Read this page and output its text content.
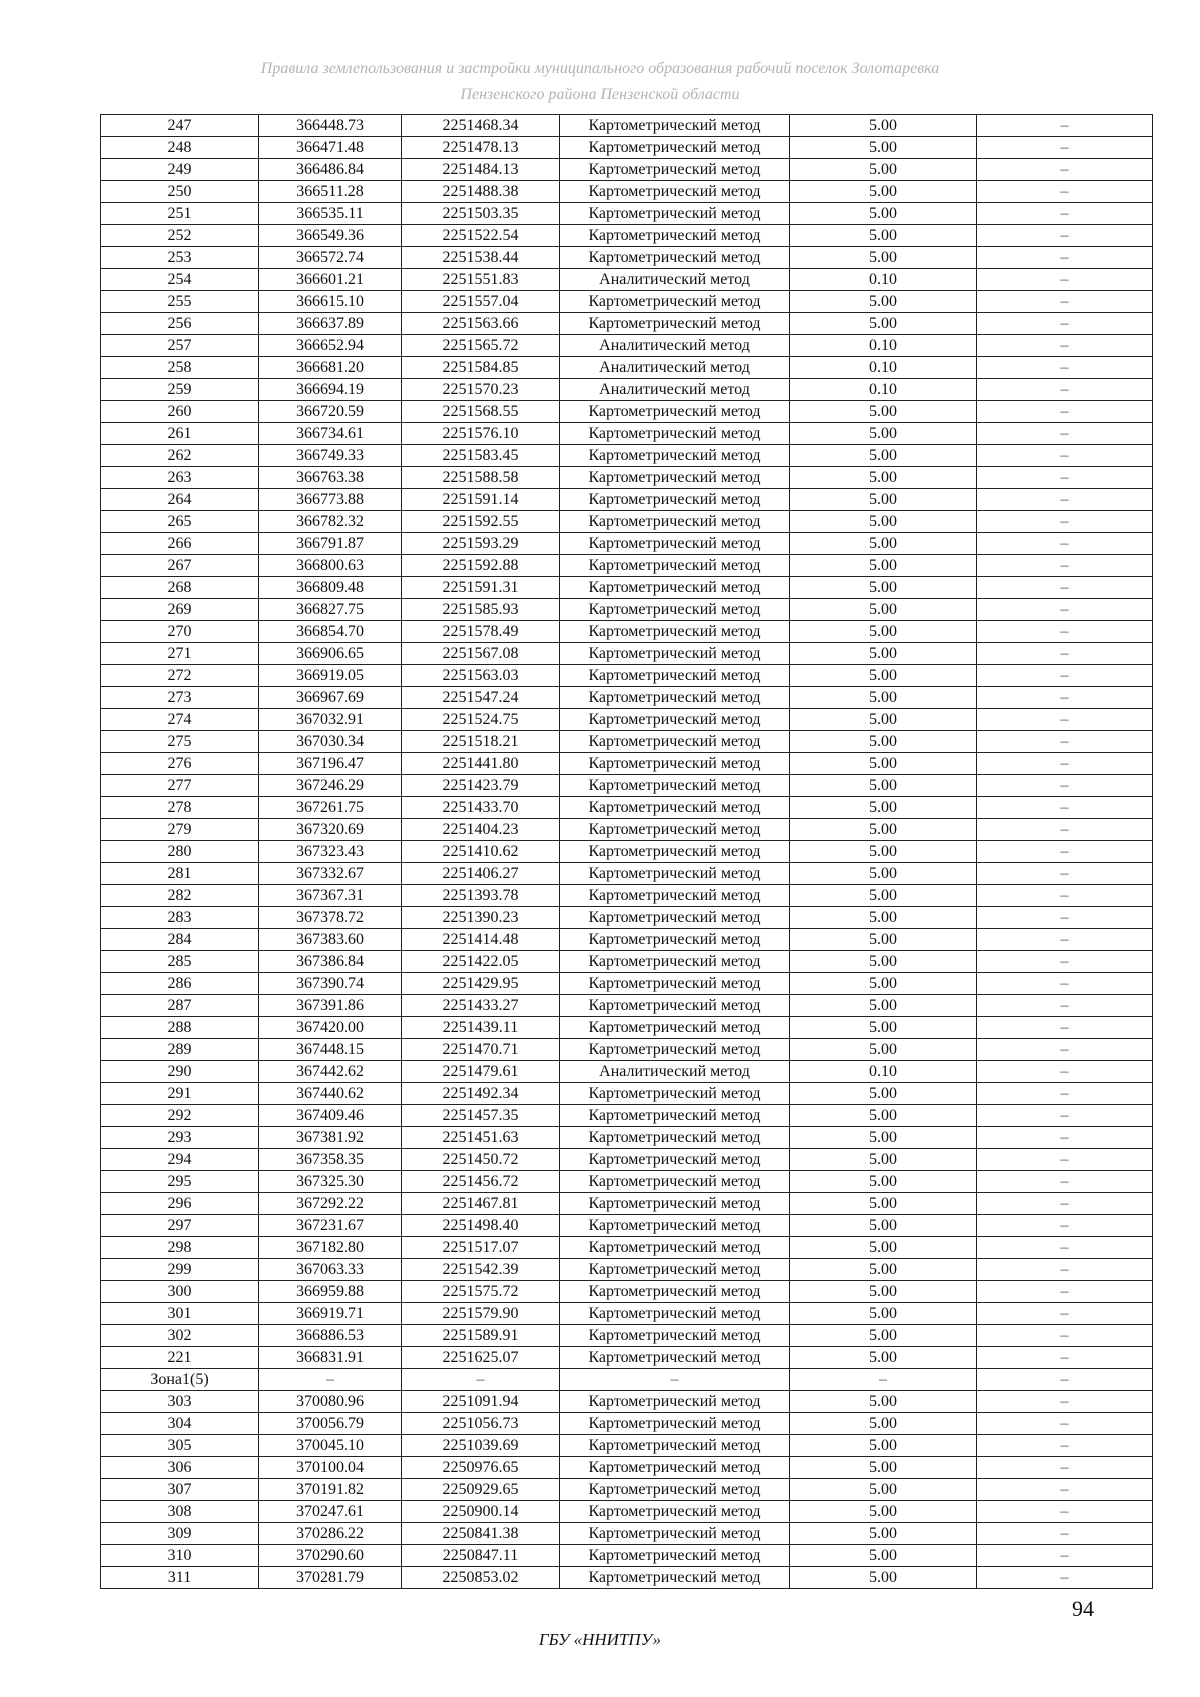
Правила землепользования и застройки муниципального образования рабочий поселок Золотаревка
Пензенского района Пензенской области
247	366448.73	2251468.34	Картометрический метод	5.00	–
248	366471.48	2251478.13	Картометрический метод	5.00	–
249	366486.84	2251484.13	Картометрический метод	5.00	–
250	366511.28	2251488.38	Картометрический метод	5.00	–
251	366535.11	2251503.35	Картометрический метод	5.00	–
252	366549.36	2251522.54	Картометрический метод	5.00	–
253	366572.74	2251538.44	Картометрический метод	5.00	–
254	366601.21	2251551.83	Аналитический метод	0.10	–
255	366615.10	2251557.04	Картометрический метод	5.00	–
256	366637.89	2251563.66	Картометрический метод	5.00	–
257	366652.94	2251565.72	Аналитический метод	0.10	–
258	366681.20	2251584.85	Аналитический метод	0.10	–
259	366694.19	2251570.23	Аналитический метод	0.10	–
260	366720.59	2251568.55	Картометрический метод	5.00	–
261	366734.61	2251576.10	Картометрический метод	5.00	–
262	366749.33	2251583.45	Картометрический метод	5.00	–
263	366763.38	2251588.58	Картометрический метод	5.00	–
264	366773.88	2251591.14	Картометрический метод	5.00	–
265	366782.32	2251592.55	Картометрический метод	5.00	–
266	366791.87	2251593.29	Картометрический метод	5.00	–
267	366800.63	2251592.88	Картометрический метод	5.00	–
268	366809.48	2251591.31	Картометрический метод	5.00	–
269	366827.75	2251585.93	Картометрический метод	5.00	–
270	366854.70	2251578.49	Картометрический метод	5.00	–
271	366906.65	2251567.08	Картометрический метод	5.00	–
272	366919.05	2251563.03	Картометрический метод	5.00	–
273	366967.69	2251547.24	Картометрический метод	5.00	–
274	367032.91	2251524.75	Картометрический метод	5.00	–
275	367030.34	2251518.21	Картометрический метод	5.00	–
276	367196.47	2251441.80	Картометрический метод	5.00	–
277	367246.29	2251423.79	Картометрический метод	5.00	–
278	367261.75	2251433.70	Картометрический метод	5.00	–
279	367320.69	2251404.23	Картометрический метод	5.00	–
280	367323.43	2251410.62	Картометрический метод	5.00	–
281	367332.67	2251406.27	Картометрический метод	5.00	–
282	367367.31	2251393.78	Картометрический метод	5.00	–
283	367378.72	2251390.23	Картометрический метод	5.00	–
284	367383.60	2251414.48	Картометрический метод	5.00	–
285	367386.84	2251422.05	Картометрический метод	5.00	–
286	367390.74	2251429.95	Картометрический метод	5.00	–
287	367391.86	2251433.27	Картометрический метод	5.00	–
288	367420.00	2251439.11	Картометрический метод	5.00	–
289	367448.15	2251470.71	Картометрический метод	5.00	–
290	367442.62	2251479.61	Аналитический метод	0.10	–
291	367440.62	2251492.34	Картометрический метод	5.00	–
292	367409.46	2251457.35	Картометрический метод	5.00	–
293	367381.92	2251451.63	Картометрический метод	5.00	–
294	367358.35	2251450.72	Картометрический метод	5.00	–
295	367325.30	2251456.72	Картометрический метод	5.00	–
296	367292.22	2251467.81	Картометрический метод	5.00	–
297	367231.67	2251498.40	Картометрический метод	5.00	–
298	367182.80	2251517.07	Картометрический метод	5.00	–
299	367063.33	2251542.39	Картометрический метод	5.00	–
300	366959.88	2251575.72	Картометрический метод	5.00	–
301	366919.71	2251579.90	Картометрический метод	5.00	–
302	366886.53	2251589.91	Картометрический метод	5.00	–
221	366831.91	2251625.07	Картометрический метод	5.00	–
Зона1(5)	–	–	–	–	–
303	370080.96	2251091.94	Картометрический метод	5.00	–
304	370056.79	2251056.73	Картометрический метод	5.00	–
305	370045.10	2251039.69	Картометрический метод	5.00	–
306	370100.04	2250976.65	Картометрический метод	5.00	–
307	370191.82	2250929.65	Картометрический метод	5.00	–
308	370247.61	2250900.14	Картометрический метод	5.00	–
309	370286.22	2250841.38	Картометрический метод	5.00	–
310	370290.60	2250847.11	Картометрический метод	5.00	–
311	370281.79	2250853.02	Картометрический метод	5.00	–
94
ГБУ «ННИТПУ»
